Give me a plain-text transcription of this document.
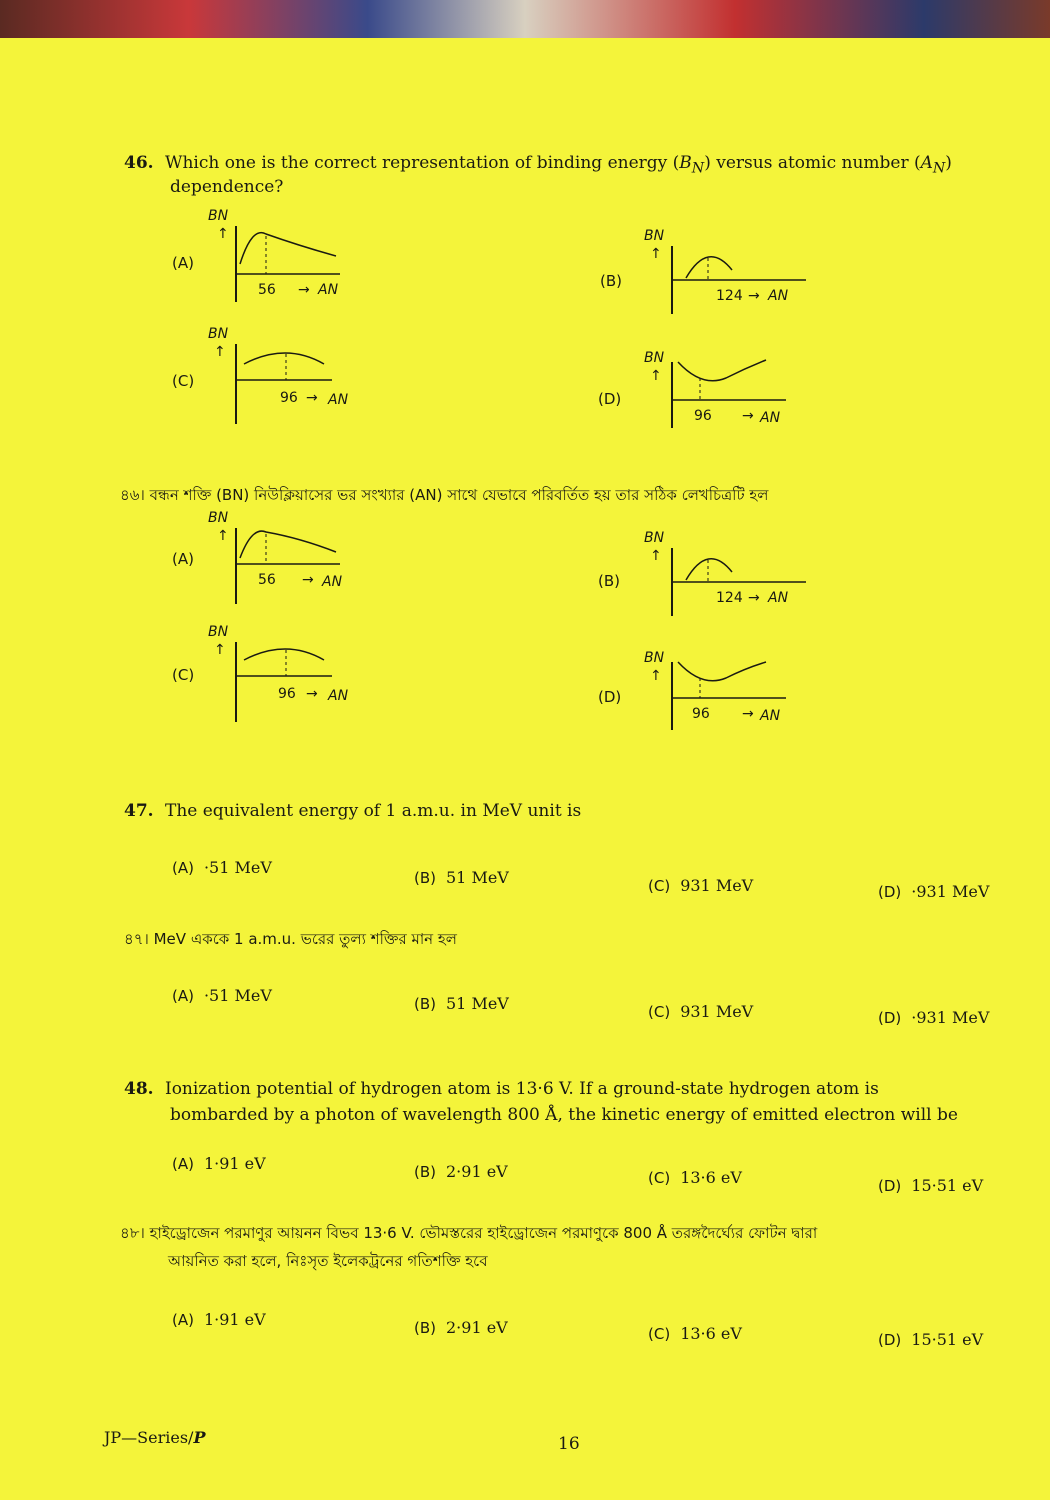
46. Which one is the correct representation of binding energy $(B_N)$ versus atomic number $(A_N)$
dependence?
(A)
BN
↑
56 → AN	(B)
BN
↑
124 → AN
(C)
BN
↑
96 → AN	(D)
BN
↑
96 → AN
৪৬। বন্ধন শক্তি (BN) নিউক্লিয়াসের ভর সংখ্যার (AN) সাথে যেভাবে পরিবর্তিত হয় তার সঠিক লেখচিত্রটি হল
(A)
BN
↑
56 → AN	(B)
BN
↑
124 → AN
(C)
BN
↑
96 → AN	(D)
BN
↑
96 → AN
47. The equivalent energy of 1 a.m.u. in MeV unit is
(A) ·51 MeV
(B) 51 MeV	(C) 931 MeV	(D) ·931 MeV
৪৭। MeV এককে 1 a.m.u. ভরের তুল্য শক্তির মান হল
(A) ·51 MeV	(B) 51 MeV	(C) 931 MeV	(D) ·931 MeV
48. Ionization potential of hydrogen atom is 13·6 V. If a ground-state hydrogen atom is
bombarded by a photon of wavelength 800 Å, the kinetic energy of emitted electron will be
(A) 1·91 eV	(B) 2·91 eV	(C) 13·6 eV	(D) 15·51 eV
৪৮। হাইড্রোজেন পরমাণুর আয়নন বিভব 13·6 V. ভৌমস্তরের হাইড্রোজেন পরমাণুকে 800 Å তরঙ্গদৈর্ঘ্যের ফোটন দ্বারা
আয়নিত করা হলে, নিঃসৃত ইলেকট্রনের গতিশক্তি হবে
(A) 1·91 eV	(B) 2·91 eV	(C) 13·6 eV	(D) 15·51 eV
JP—Series/P	16
